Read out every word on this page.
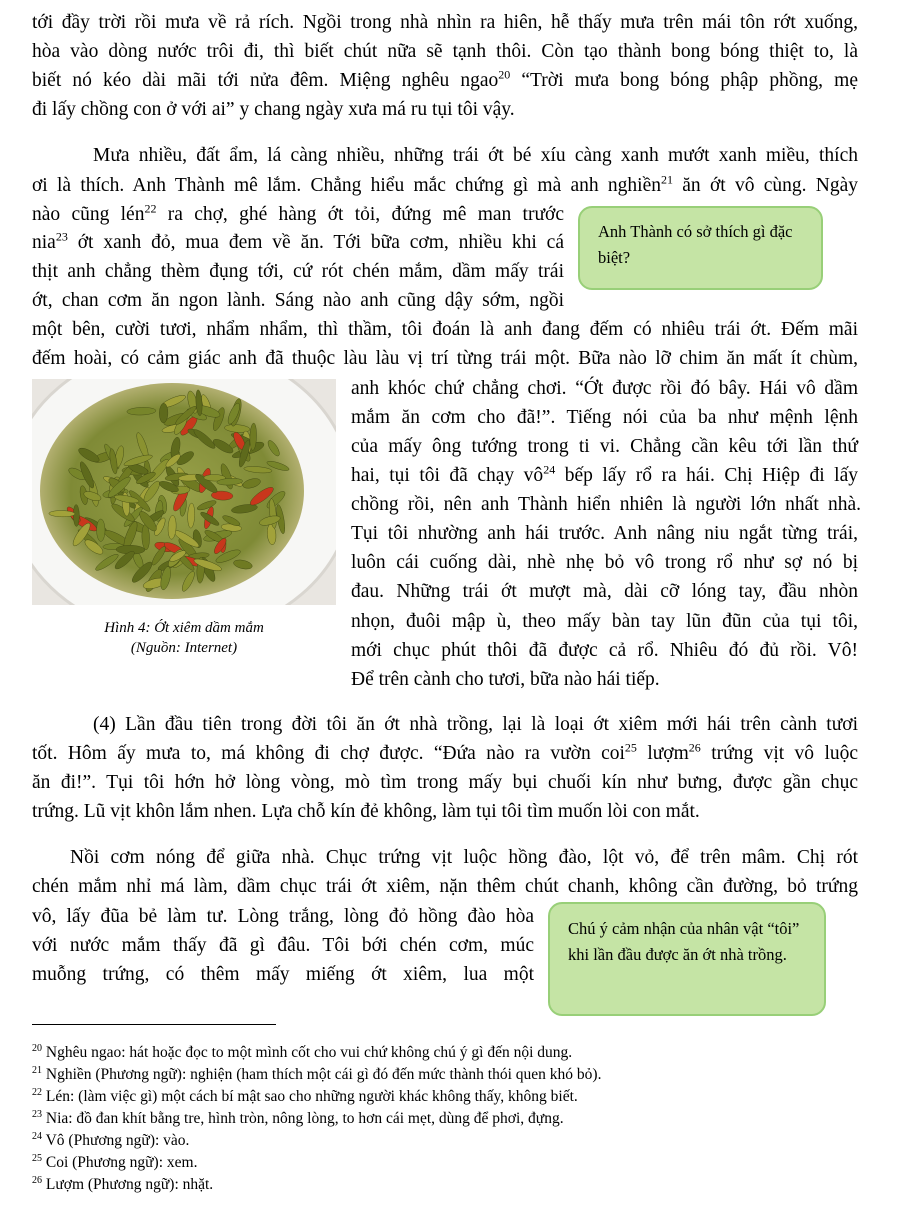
tới đầy trời rồi mưa về rả rích. Ngồi trong nhà nhìn ra hiên, hễ thấy mưa trên mái tôn rớt xuống,
hòa vào dòng nước trôi đi, thì biết chút nữa sẽ tạnh thôi. Còn tạo thành bong bóng thiệt to, là
biết nó kéo dài mãi tới nửa đêm. Miệng nghêu ngao$^{20}$ “Trời mưa bong bóng phập phồng, mẹ
đi lấy chồng con ở với ai” y chang ngày xưa má ru tụi tôi vậy.
Mưa nhiều, đất ẩm, lá càng nhiều, những trái ớt bé xíu càng xanh mướt xanh miều, thích
ơi là thích. Anh Thành mê lắm. Chẳng hiểu mắc chứng gì mà anh nghiền$^{21}$ ăn ớt vô cùng. Ngày
nào cũng lén$^{22}$ ra chợ, ghé hàng ớt tỏi, đứng mê man trước
nia$^{23}$ ớt xanh đỏ, mua đem về ăn. Tới bữa cơm, nhiều khi cá
thịt anh chẳng thèm đụng tới, cứ rót chén mắm, dầm mấy trái
ớt, chan cơm ăn ngon lành. Sáng nào anh cũng dậy sớm, ngồi
một bên, cười tươi, nhẩm nhẩm, thì thầm, tôi đoán là anh đang đếm có nhiêu trái ớt. Đếm mãi
đếm hoài, có cảm giác anh đã thuộc làu làu vị trí từng trái một. Bữa nào lỡ chim ăn mất ít chùm,
anh khóc chứ chẳng chơi. “Ớt được rồi đó bây. Hái vô dầm
mắm ăn cơm cho đã!”. Tiếng nói của ba như mệnh lệnh
của mấy ông tướng trong ti vi. Chẳng cần kêu tới lần thứ
hai, tụi tôi đã chạy $vô^{24}$ bếp lấy rổ ra hái. Chị Hiệp đi lấy
chồng rồi, nên anh Thành hiển nhiên là người lớn nhất nhà.
Tụi tôi nhường anh hái trước. Anh nâng niu ngắt từng trái,
luôn cái cuống dài, nhè nhẹ bỏ vô trong rổ như sợ nó bị
đau. Những trái ớt mượt mà, dài cỡ lóng tay, đầu nhòn
nhọn, đuôi mập ù, theo mấy bàn tay lũn đũn của tụi tôi,
mới chục phút thôi đã được cả rổ. Nhiêu đó đủ rồi. Vô!
Để trên cành cho tươi, bữa nào hái tiếp.
Anh Thành có sở thích gì đặc biệt?
Hình 4: Ớt xiêm dầm mắm
(Nguồn: Internet)
(4) Lần đầu tiên trong đời tôi ăn ớt nhà trồng, lại là loại ớt xiêm mới hái trên cành tươi
tốt. Hôm ấy mưa to, má không đi chợ được. “Đứa nào ra vườn coi$^{25}$ lượm$^{26}$ trứng vịt vô luộc
ăn đi!”. Tụi tôi hớn hở lòng vòng, mò tìm trong mấy bụi chuối kín như bưng, được gần chục
trứng. Lũ vịt khôn lắm nhen. Lựa chỗ kín đẻ không, làm tụi tôi tìm muốn lòi con mắt.
Nồi cơm nóng để giữa nhà. Chục trứng vịt luộc hồng đào, lột vỏ, để trên mâm. Chị rót
chén mắm nhỉ má làm, dầm chục trái ớt xiêm, nặn thêm chút chanh, không cần đường, bỏ trứng
vô, lấy đũa bẻ làm tư. Lòng trắng, lòng đỏ hồng đào hòa
với nước mắm thấy đã gì đâu. Tôi bới chén cơm, múc
muỗng trứng, có thêm mấy miếng ớt xiêm, lua một
Chú ý cảm nhận của nhân vật “tôi” khi lần đầu được ăn ớt nhà trồng.
$^{20}$ Nghêu ngao: hát hoặc đọc to một mình cốt cho vui chứ không chú ý gì đến nội dung.
$^{21}$ Nghiền (Phương ngữ): nghiện (ham thích một cái gì đó đến mức thành thói quen khó bỏ).
$^{22}$ Lén: (làm việc gì) một cách bí mật sao cho những người khác không thấy, không biết.
$^{23}$ Nia: đồ đan khít bằng tre, hình tròn, nông lòng, to hơn cái mẹt, dùng để phơi, đựng.
$^{24}$ Vô (Phương ngữ): vào.
$^{25}$ Coi (Phương ngữ): xem.
$^{26}$ Lượm (Phương ngữ): nhặt.
